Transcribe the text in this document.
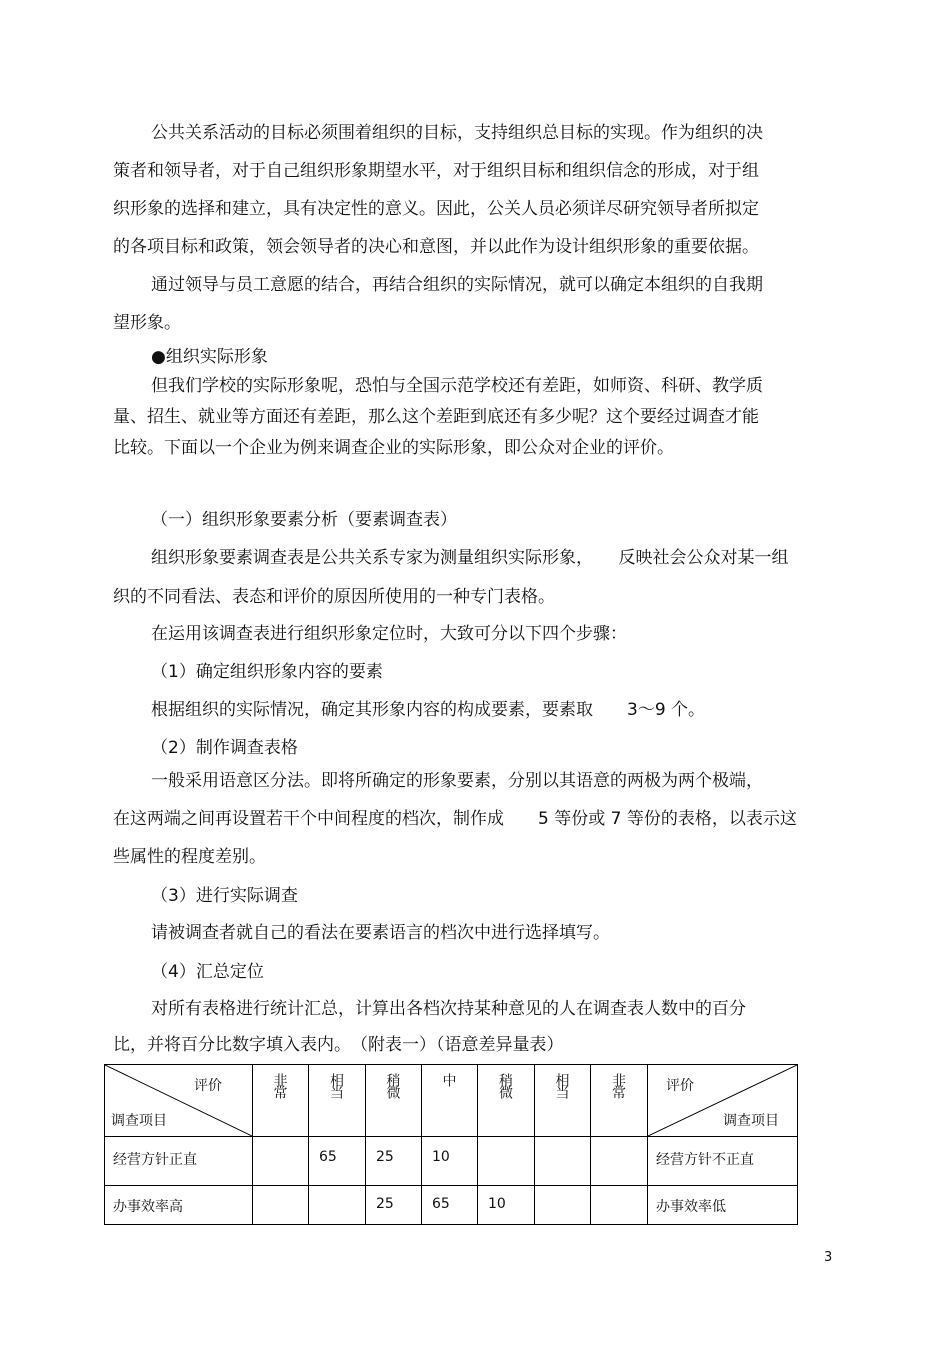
公共关系活动的目标必须围着组织的目标，支持组织总目标的实现。作为组织的决
策者和领导者，对于自己组织形象期望水平，对于组织目标和组织信念的形成，对于组
织形象的选择和建立，具有决定性的意义。因此，公关人员必须详尽研究领导者所拟定
的各项目标和政策，领会领导者的决心和意图，并以此作为设计组织形象的重要依据。
通过领导与员工意愿的结合，再结合组织的实际情况，就可以确定本组织的自我期
望形象。
●组织实际形象
但我们学校的实际形象呢，恐怕与全国示范学校还有差距，如师资、科研、教学质
量、招生、就业等方面还有差距，那么这个差距到底还有多少呢？这个要经过调查才能
比较。下面以一个企业为例来调查企业的实际形象，即公众对企业的评价。
（一）组织形象要素分析（要素调查表）
组织形象要素调查表是公共关系专家为测量组织实际形象，　　反映社会公众对某一组
织的不同看法、表态和评价的原因所使用的一种专门表格。
在运用该调查表进行组织形象定位时，大致可分以下四个步骤：
（1）确定组织形象内容的要素
根据组织的实际情况，确定其形象内容的构成要素，要素取　　3～9 个。
（2）制作调查表格
一般采用语意区分法。即将所确定的形象要素，分别以其语意的两极为两个极端，
在这两端之间再设置若干个中间程度的档次，制作成　　5 等份或 7 等份的表格，以表示这
些属性的程度差别。
（3）进行实际调查
请被调查者就自己的看法在要素语言的档次中进行选择填写。
（4）汇总定位
对所有表格进行统计汇总，计算出各档次持某种意见的人在调查表人数中的百分
比，并将百分比数字填入表内。　（附表一）（语意差异量表）
评价
调查项目	非常	相当	稍微	中	稍微	相当	非常	评价
调查项目

经营方针正直		65	25	10				经营方针不正直

办事效率高			25	65	10			办事效率低
3
